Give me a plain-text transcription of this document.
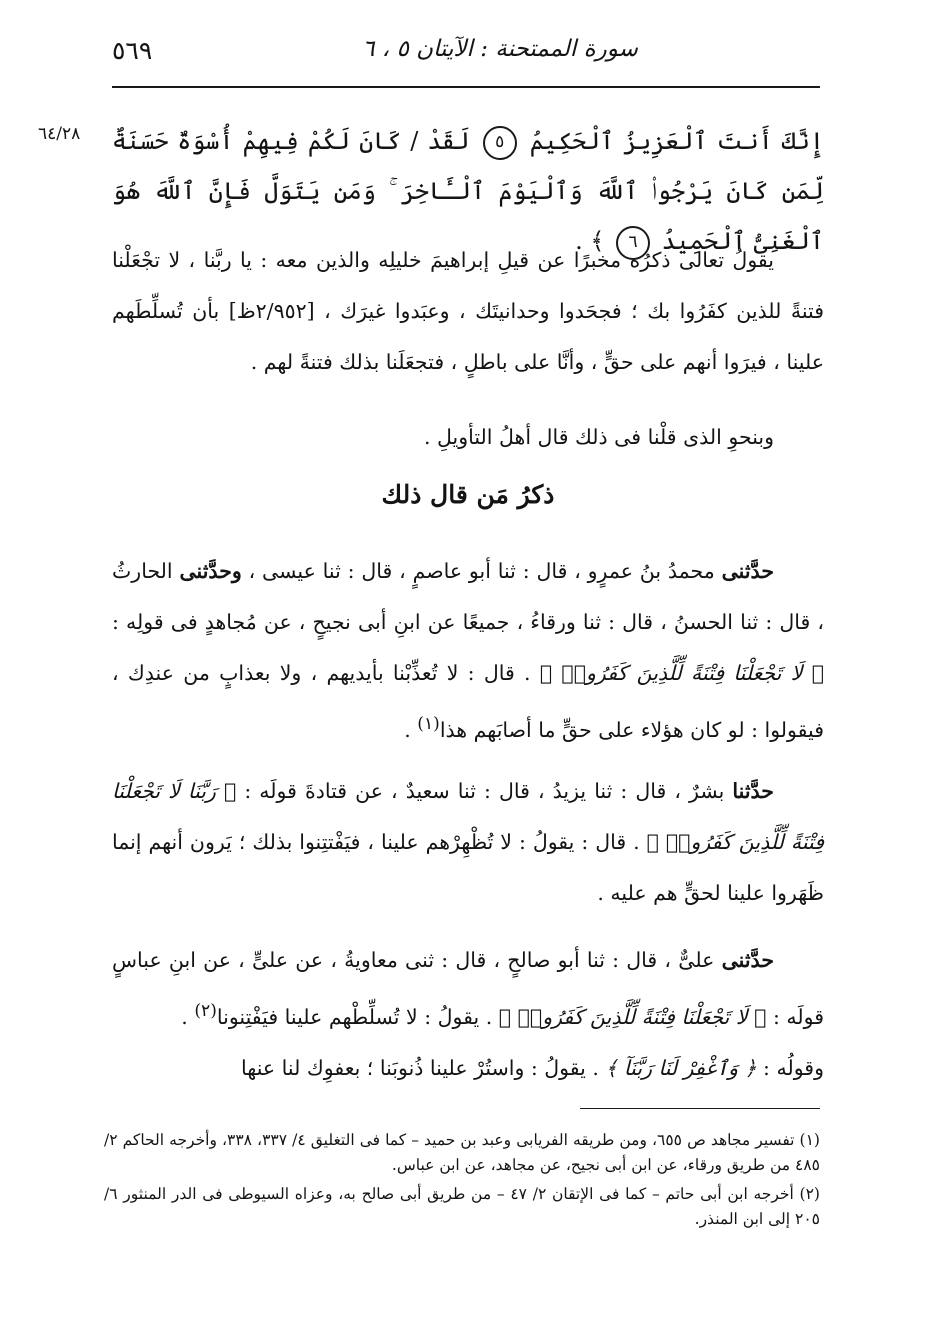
٥٦٩	سورة الممتحنة : الآيتان ٥ ، ٦
٦٤/٢٨	إِنَّكَ أَنتَ ٱلْعَزِيزُ ٱلْحَكِيمُ ٥ لَقَدْ / كَانَ لَكُمْ فِيهِمْ أُسْوَةٌ حَسَنَةٌ لِّمَن كَانَ يَرْجُوا۟ ٱللَّهَ وَٱلْيَوْمَ ٱلْـَٔاخِرَ ۚ وَمَن يَتَوَلَّ فَإِنَّ ٱللَّهَ هُوَ ٱلْغَنِىُّ ٱلْحَمِيدُ ٦ ﴾ .
يقولُ تعالى ذكرُه مخبرًا عن قيلِ إبراهيمَ خليلِه والذين معه : يا ربَّنا ، لا تجْعَلْنا فتنةً للذين كفَرُوا بك ؛ فجحَدوا وحدانيتَك ، وعبَدوا غيرَك ، [٢/٩٥٢ظ] بأن تُسلِّطَهم علينا ، فيرَوا أنهم على حقٍّ ، وأنَّا على باطلٍ ، فتجعَلَنا بذلك فتنةً لهم .
وبنحوِ الذى قلْنا فى ذلك قال أهلُ التأويلِ .
ذكرُ مَن قال ذلك
حدَّثنى محمدُ بنُ عمرٍو ، قال : ثنا أبو عاصمٍ ، قال : ثنا عيسى ، وحدَّثنى الحارثُ ، قال : ثنا الحسنُ ، قال : ثنا ورقاءُ ، جميعًا عن ابنِ أبى نجيحٍ ، عن مُجاهدٍ فى قولِه : ﴿ لَا تَجْعَلْنَا فِتْنَةً لِّلَّذِينَ كَفَرُوا۟ ﴾ . قال : لا تُعذِّبْنا بأيديهم ، ولا بعذابٍ من عندِك ، فيقولوا : لو كان هؤلاء على حقٍّ ما أصابَهم هذا$^{(١)}$ .
حدَّثنا بشرٌ ، قال : ثنا يزيدُ ، قال : ثنا سعيدٌ ، عن قتادةَ قولَه : ﴿ رَبَّنَا لَا تَجْعَلْنَا فِتْنَةً لِّلَّذِينَ كَفَرُوا۟ ﴾ . قال : يقولُ : لا تُظْهِرْهم علينا ، فيَفْتتِنوا بذلك ؛ يَرون أنهم إنما ظَهَروا علينا لحقٍّ هم عليه .
حدَّثنى علىٌّ ، قال : ثنا أبو صالحٍ ، قال : ثنى معاويةُ ، عن علىٍّ ، عن ابنِ عباسٍ قولَه : ﴿ لَا تَجْعَلْنَا فِتْنَةً لِّلَّذِينَ كَفَرُوا۟ ﴾ . يقولُ : لا تُسلِّطْهم علينا فيَفْتِنونا$^{(٢)}$ .
وقولُه : ﴿ وَٱغْفِرْ لَنَا رَبَّنَآ ﴾ . يقولُ : واستُرْ علينا ذُنوبَنا ؛ بعفوِك لنا عنها

(١) تفسير مجاهد ص ٦٥٥، ومن طريقه الفريابى وعبد بن حميد – كما فى التغليق ٤/ ٣٣٧، ٣٣٨، وأخرجه الحاكم ٢/ ٤٨٥ من طريق ورقاء، عن ابن أبى نجيح، عن مجاهد، عن ابن عباس.

(٢) أخرجه ابن أبى حاتم – كما فى الإتقان ٢/ ٤٧ – من طريق أبى صالح به، وعزاه السيوطى فى الدر المنثور ٦/ ٢٠٥ إلى ابن المنذر.
